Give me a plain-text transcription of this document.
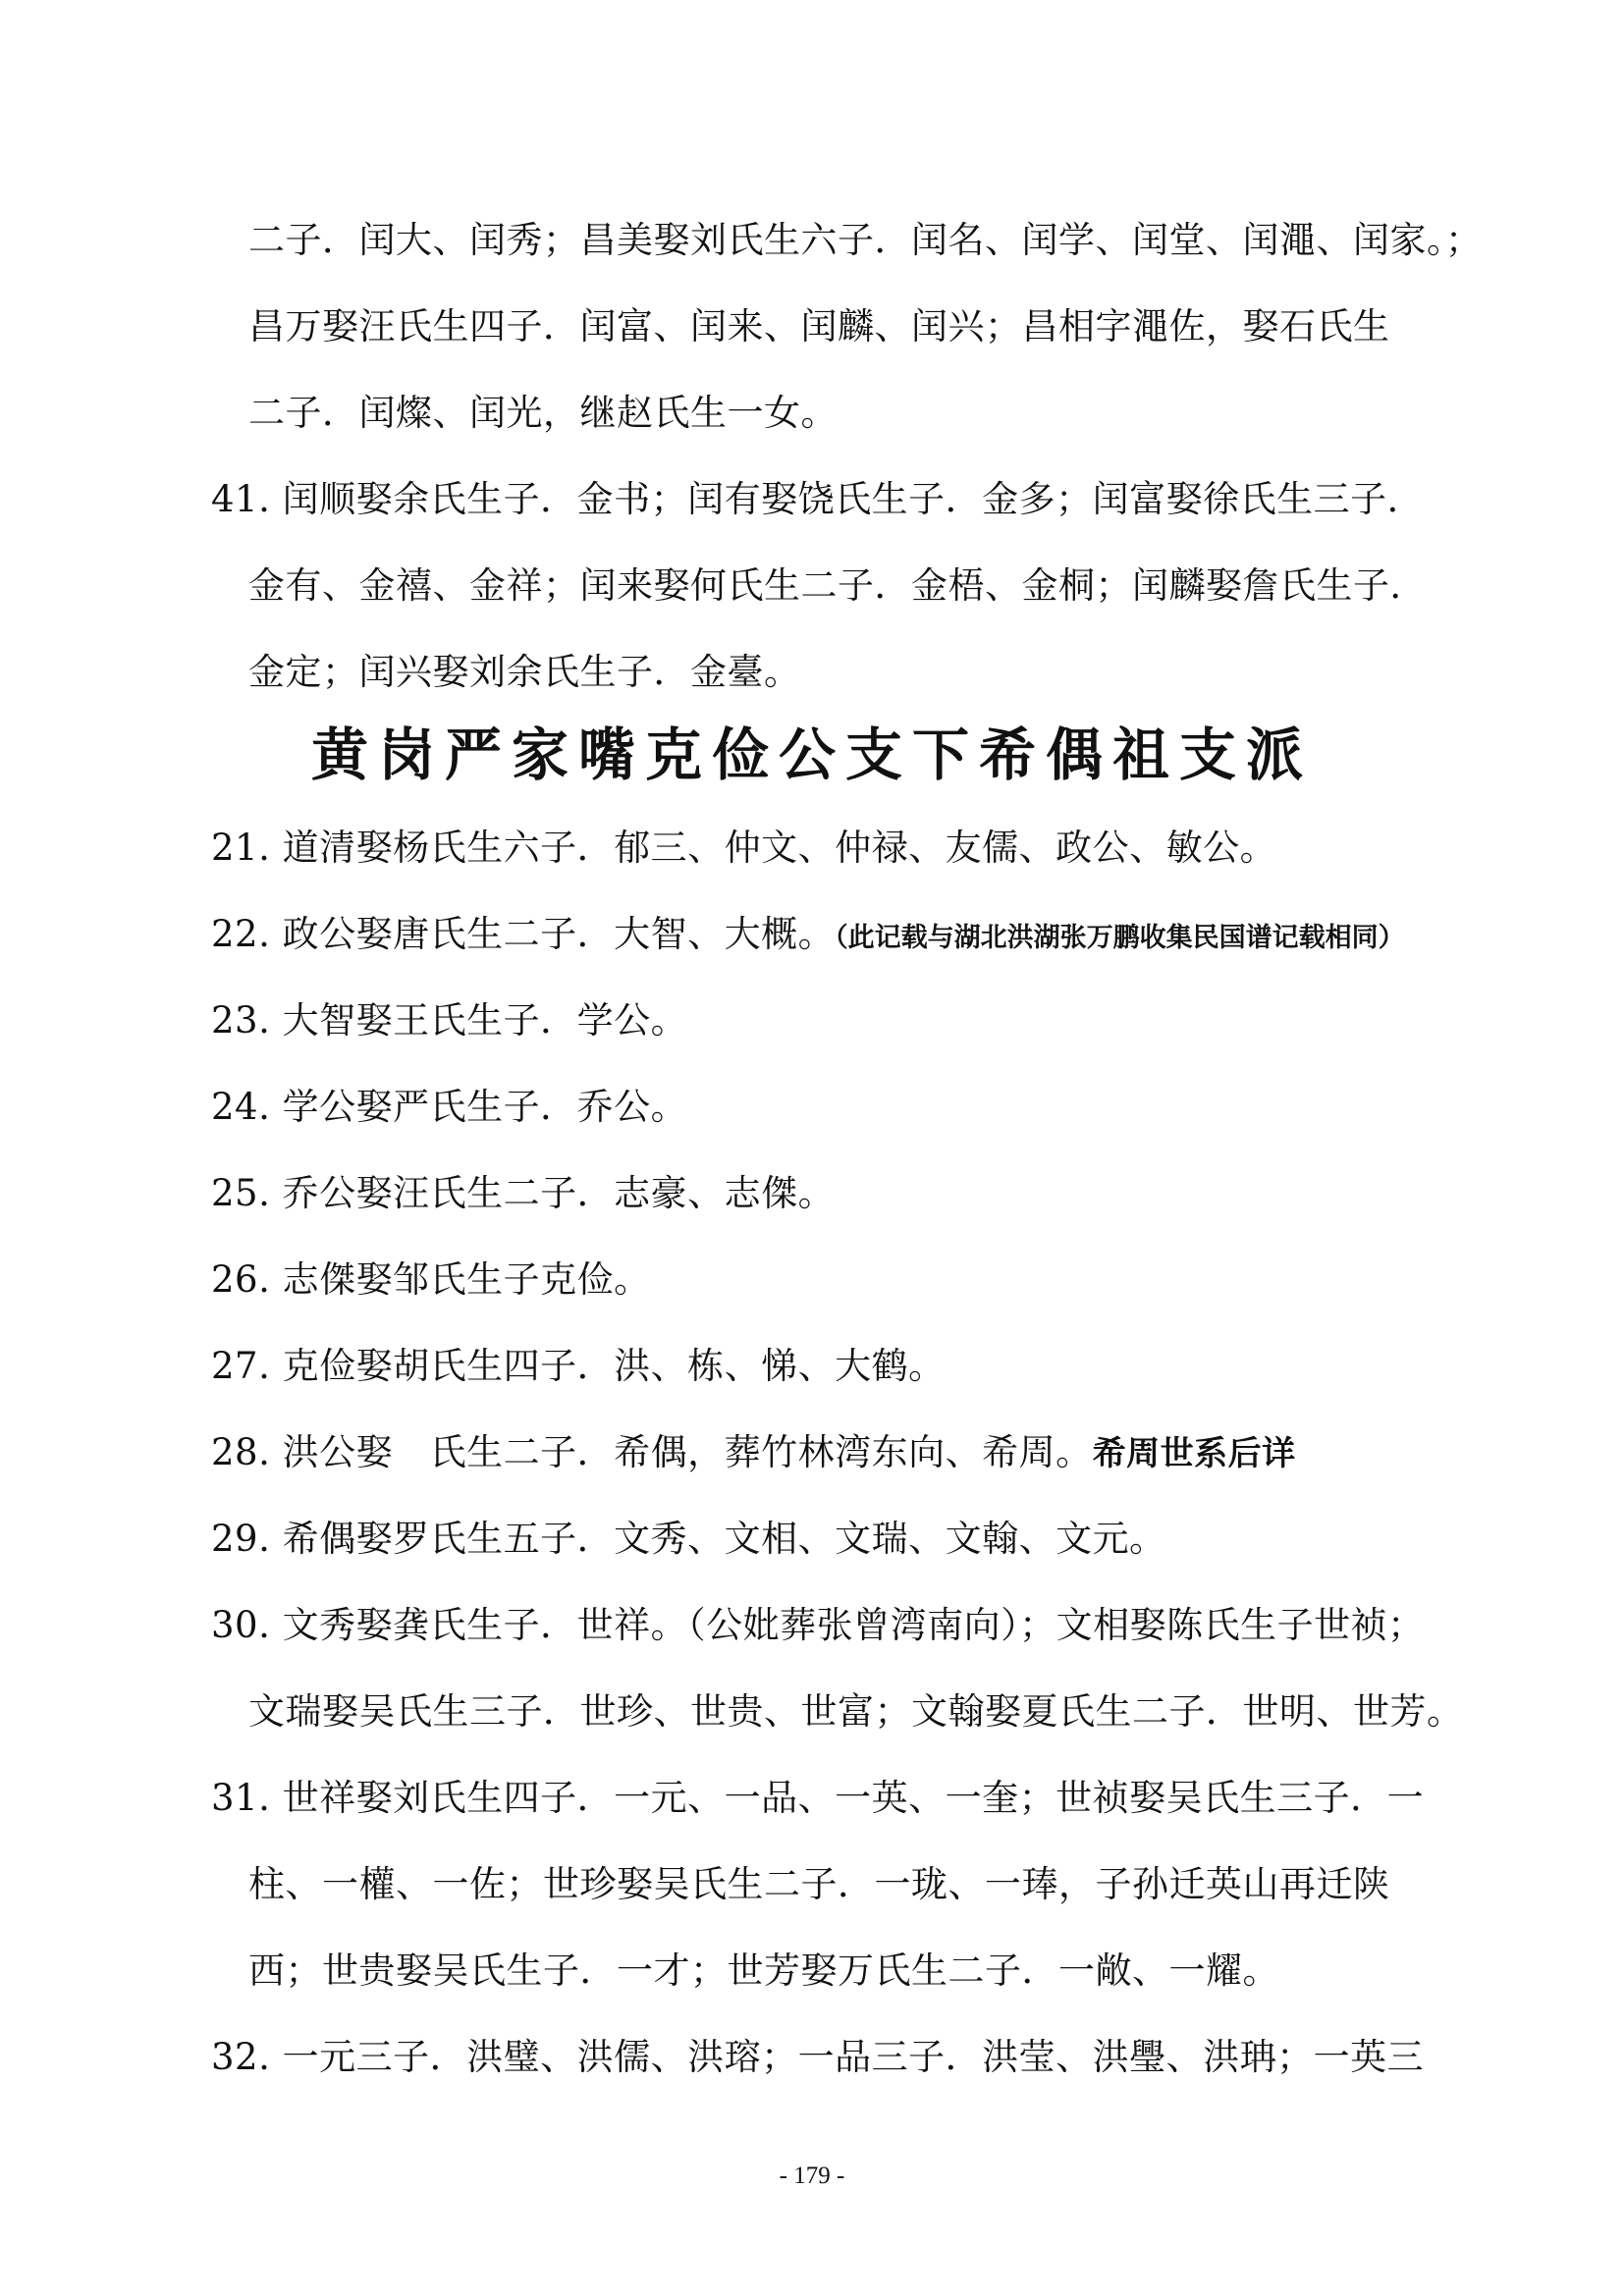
二子．闰大、闰秀；昌美娶刘氏生六子．闰名、闰学、闰堂、闰澠、闰家。；
昌万娶汪氏生四子．闰富、闰来、闰麟、闰兴；昌相字澠佐，娶石氏生
二子．闰燦、闰光，继赵氏生一女。
41. 闰顺娶余氏生子．金书；闰有娶饶氏生子．金多；闰富娶徐氏生三子．
金有、金禧、金祥；闰来娶何氏生二子．金梧、金桐；闰麟娶詹氏生子．
金定；闰兴娶刘余氏生子．金臺。
黄岗严家嘴克俭公支下希偶祖支派
21. 道清娶杨氏生六子．郁三、仲文、仲禄、友儒、政公、敏公。
22. 政公娶唐氏生二子．大智、大概。（此记载与湖北洪湖张万鹏收集民国谱记载相同）
23. 大智娶王氏生子．学公。
24. 学公娶严氏生子．乔公。
25. 乔公娶汪氏生二子．志豪、志傑。
26. 志傑娶邹氏生子克俭。
27. 克俭娶胡氏生四子．洪、栋、悌、大鹤。
28. 洪公娶　氏生二子．希偶，葬竹林湾东向、希周。希周世系后详
29. 希偶娶罗氏生五子．文秀、文相、文瑞、文翰、文元。
30. 文秀娶龚氏生子．世祥。（公妣葬张曾湾南向）；文相娶陈氏生子世祯；
文瑞娶吴氏生三子．世珍、世贵、世富；文翰娶夏氏生二子．世明、世芳。
31. 世祥娶刘氏生四子．一元、一品、一英、一奎；世祯娶吴氏生三子．一
柱、一權、一佐；世珍娶吴氏生二子．一珑、一琫，子孙迁英山再迁陕
西；世贵娶吴氏生子．一才；世芳娶万氏生二子．一敞、一耀。
32. 一元三子．洪璧、洪儒、洪瑢；一品三子．洪莹、洪璺、洪珃；一英三
- 179 -
